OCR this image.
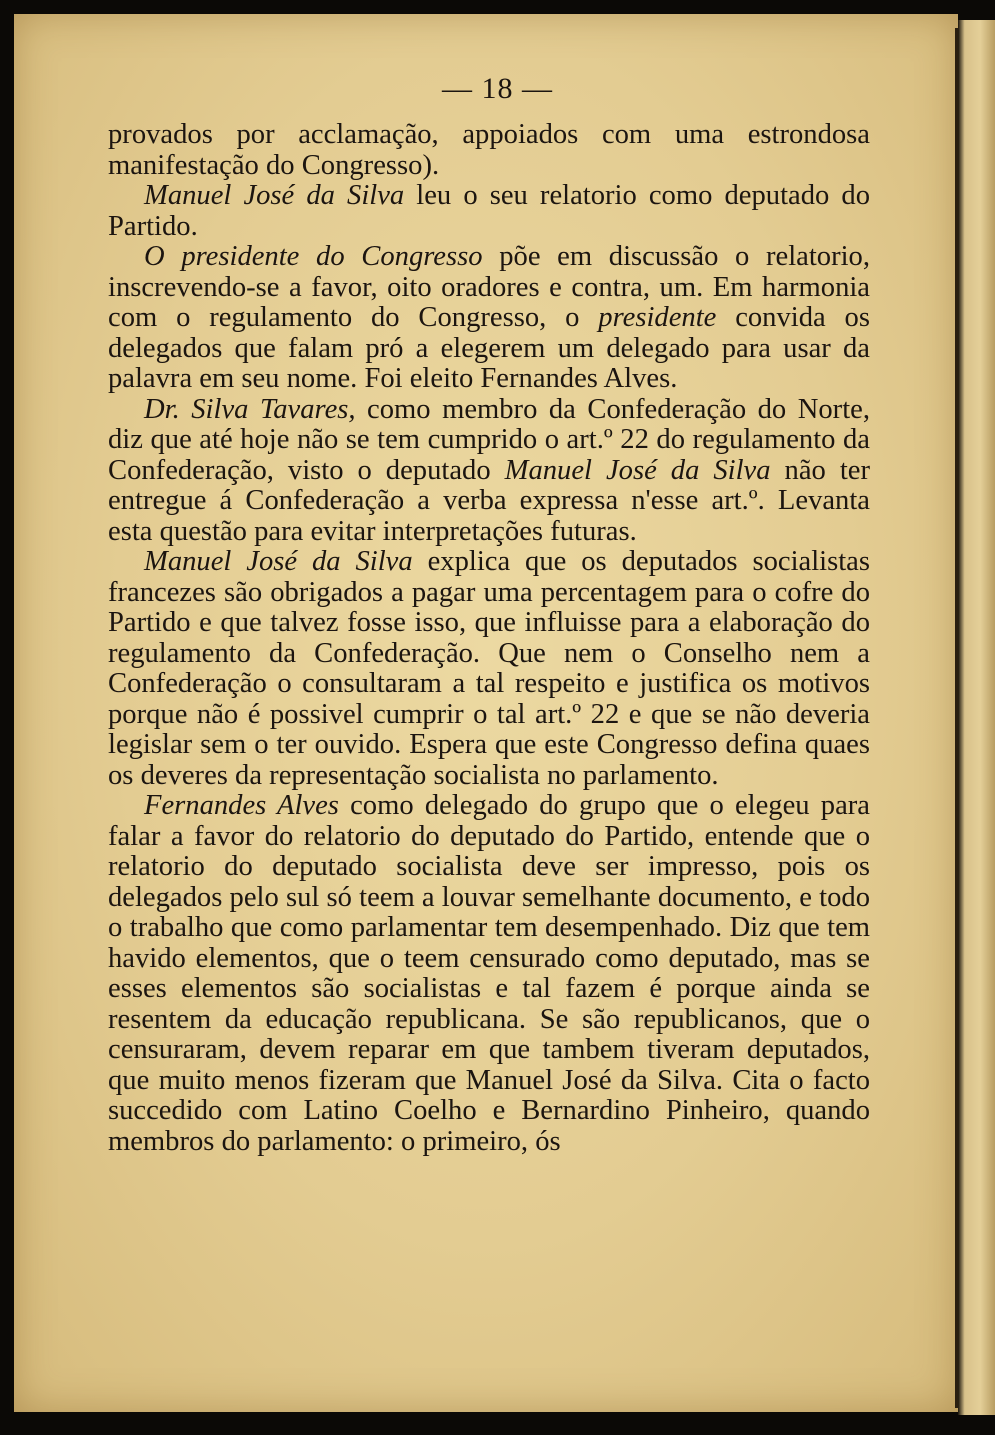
— 18 —

provados por acclamação, appoiados com uma estrondosa manifestação do Congresso).

Manuel José da Silva leu o seu relatorio como deputado do Partido.

O presidente do Congresso põe em discussão o relatorio, inscrevendo-se a favor, oito oradores e contra, um. Em harmonia com o regulamento do Congresso, o presidente convida os delegados que falam pró a elegerem um delegado para usar da palavra em seu nome. Foi eleito Fernandes Alves.

Dr. Silva Tavares, como membro da Confederação do Norte, diz que até hoje não se tem cumprido o art.º 22 do regulamento da Confederação, visto o deputado Manuel José da Silva não ter entregue á Confederação a verba expressa n'esse art.º. Levanta esta questão para evitar interpretações futuras.

Manuel José da Silva explica que os deputados socialistas francezes são obrigados a pagar uma percentagem para o cofre do Partido e que talvez fosse isso, que influisse para a elaboração do regulamento da Confederação. Que nem o Conselho nem a Confederação o consultaram a tal respeito e justifica os motivos porque não é possivel cumprir o tal art.º 22 e que se não deveria legislar sem o ter ouvido. Espera que este Congresso defina quaes os deveres da representação socialista no parlamento.

Fernandes Alves como delegado do grupo que o elegeu para falar a favor do relatorio do deputado do Partido, entende que o relatorio do deputado socialista deve ser impresso, pois os delegados pelo sul só teem a louvar semelhante documento, e todo o trabalho que como parlamentar tem desempenhado. Diz que tem havido elementos, que o teem censurado como deputado, mas se esses elementos são socialistas e tal fazem é porque ainda se resentem da educação republicana. Se são republicanos, que o censuraram, devem reparar em que tambem tiveram deputados, que muito menos fizeram que Manuel José da Silva. Cita o facto succedido com Latino Coelho e Bernardino Pinheiro, quando membros do parlamento: o primeiro, ós
